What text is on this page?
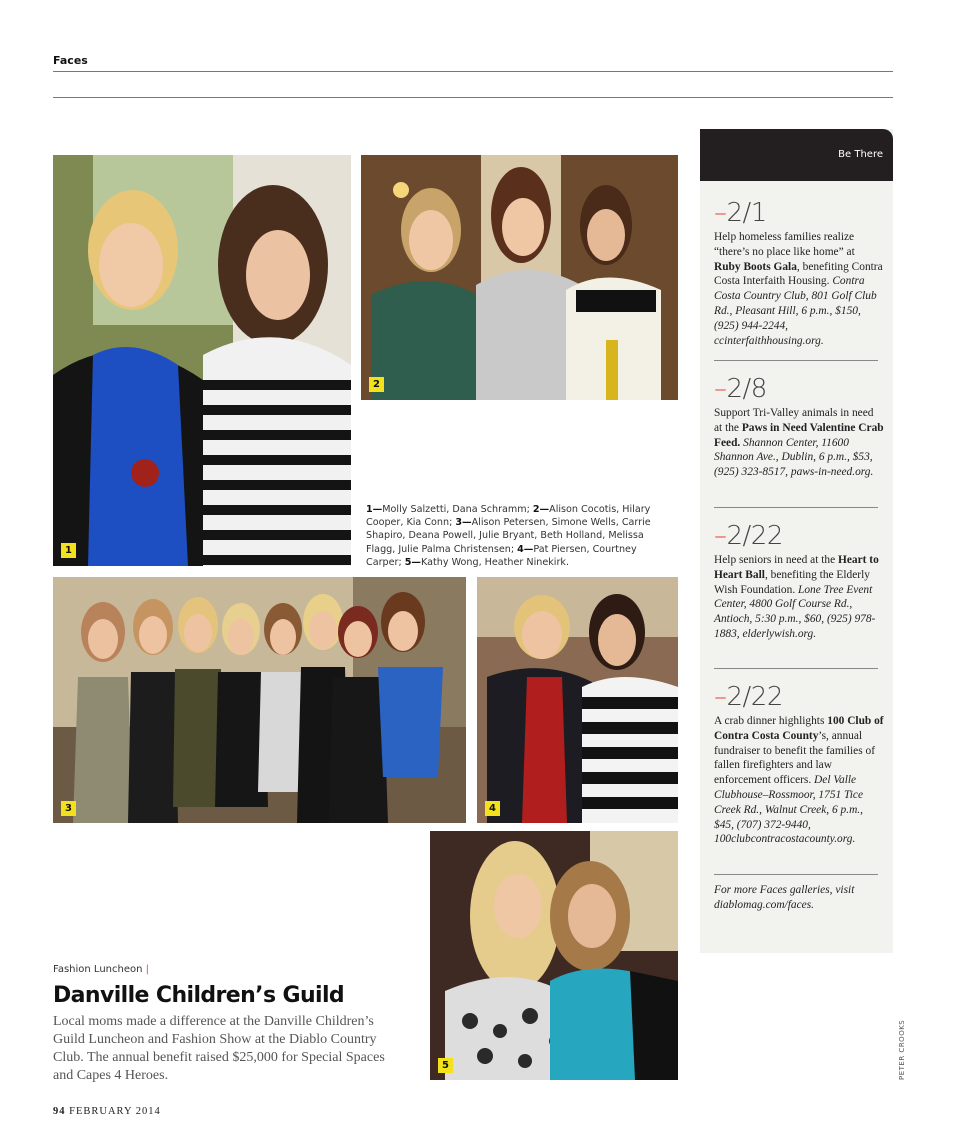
Faces
1
2
1—Molly Salzetti, Dana Schramm; 2—Alison Cocotis, Hilary Cooper, Kia Conn; 3—Alison Petersen, Simone Wells, Carrie Shapiro, Deana Powell, Julie Bryant, Beth Holland, Melissa Flagg, Julie Palma Christensen; 4—Pat Piersen, Courtney Carper; 5—Kathy Wong, Heather Ninekirk.
3	4
5
Be There
–2/1
Help homeless families realize “there’s no place like home” at Ruby Boots Gala, benefiting Contra Costa Interfaith Housing. Contra Costa Country Club, 801 Golf Club Rd., Pleasant Hill, 6 p.m., $150, (925) 944-2244, ccinterfaithhousing.org.
–2/8
Support Tri-Valley animals in need at the Paws in Need Valentine Crab Feed. Shannon Center, 11600 Shannon Ave., Dublin, 6 p.m., $53, (925) 323-8517, paws-in-need.org.
–2/22
Help seniors in need at the Heart to Heart Ball, benefiting the Elderly Wish Foundation. Lone Tree Event Center, 4800 Golf Course Rd., Antioch, 5:30 p.m., $60, (925) 978-1883, elderlywish.org.
–2/22
A crab dinner highlights 100 Club of Contra Costa County’s, annual fundraiser to benefit the families of fallen firefighters and law enforcement officers. Del Valle Clubhouse–Rossmoor, 1751 Tice Creek Rd., Walnut Creek, 6 p.m., $45, (707) 372-9440, 100clubcontracostacounty.org.
For more Faces galleries, visit diablomag.com/faces.
Fashion Luncheon |
Danville Children’s Guild
Local moms made a difference at the Danville Children’s Guild Luncheon and Fashion Show at the Diablo Country Club. The annual benefit raised $25,000 for Special Spaces and Capes 4 Heroes.
94 FEBRUARY 2014
PETER CROOKS
